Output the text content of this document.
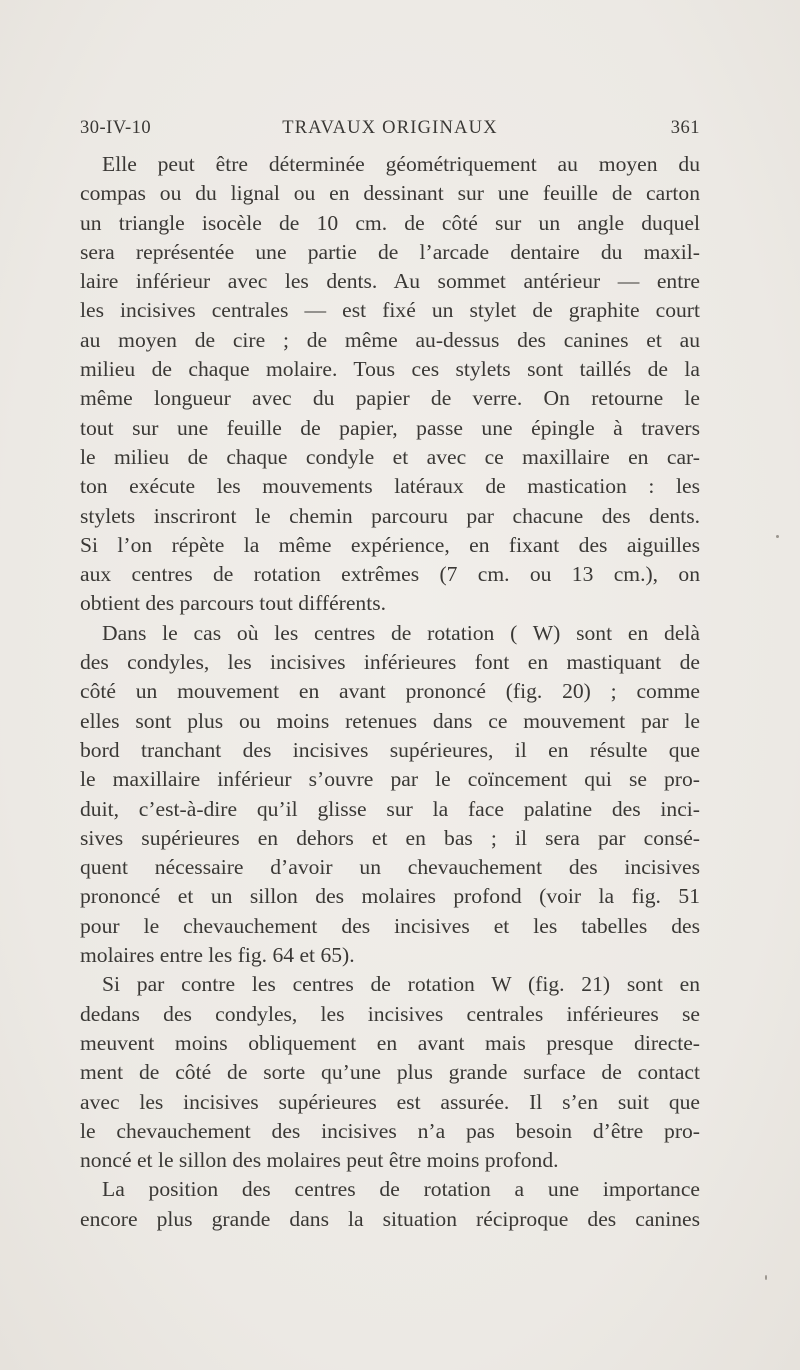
30-IV-10	TRAVAUX ORIGINAUX	361
Elle peut être déterminée géométriquement au moyen du
compas ou du lignal ou en dessinant sur une feuille de carton
un triangle isocèle de 10 cm. de côté sur un angle duquel
sera représentée une partie de l’arcade dentaire du maxil-
laire inférieur avec les dents. Au sommet antérieur — entre
les incisives centrales — est fixé un stylet de graphite court
au moyen de cire ; de même au-dessus des canines et au
milieu de chaque molaire. Tous ces stylets sont taillés de la
même longueur avec du papier de verre. On retourne le
tout sur une feuille de papier, passe une épingle à travers
le milieu de chaque condyle et avec ce maxillaire en car-
ton exécute les mouvements latéraux de mastication : les
stylets inscriront le chemin parcouru par chacune des dents.
Si l’on répète la même expérience, en fixant des aiguilles
aux centres de rotation extrêmes (7 cm. ou 13 cm.), on
obtient des parcours tout différents.
Dans le cas où les centres de rotation ( W) sont en delà
des condyles, les incisives inférieures font en mastiquant de
côté un mouvement en avant prononcé (fig. 20) ; comme
elles sont plus ou moins retenues dans ce mouvement par le
bord tranchant des incisives supérieures, il en résulte que
le maxillaire inférieur s’ouvre par le coïncement qui se pro-
duit, c’est-à-dire qu’il glisse sur la face palatine des inci-
sives supérieures en dehors et en bas ; il sera par consé-
quent nécessaire d’avoir un chevauchement des incisives
prononcé et un sillon des molaires profond (voir la fig. 51
pour le chevauchement des incisives et les tabelles des
molaires entre les fig. 64 et 65).
Si par contre les centres de rotation W (fig. 21) sont en
dedans des condyles, les incisives centrales inférieures se
meuvent moins obliquement en avant mais presque directe-
ment de côté de sorte qu’une plus grande surface de contact
avec les incisives supérieures est assurée. Il s’en suit que
le chevauchement des incisives n’a pas besoin d’être pro-
noncé et le sillon des molaires peut être moins profond.
La position des centres de rotation a une importance
encore plus grande dans la situation réciproque des canines
